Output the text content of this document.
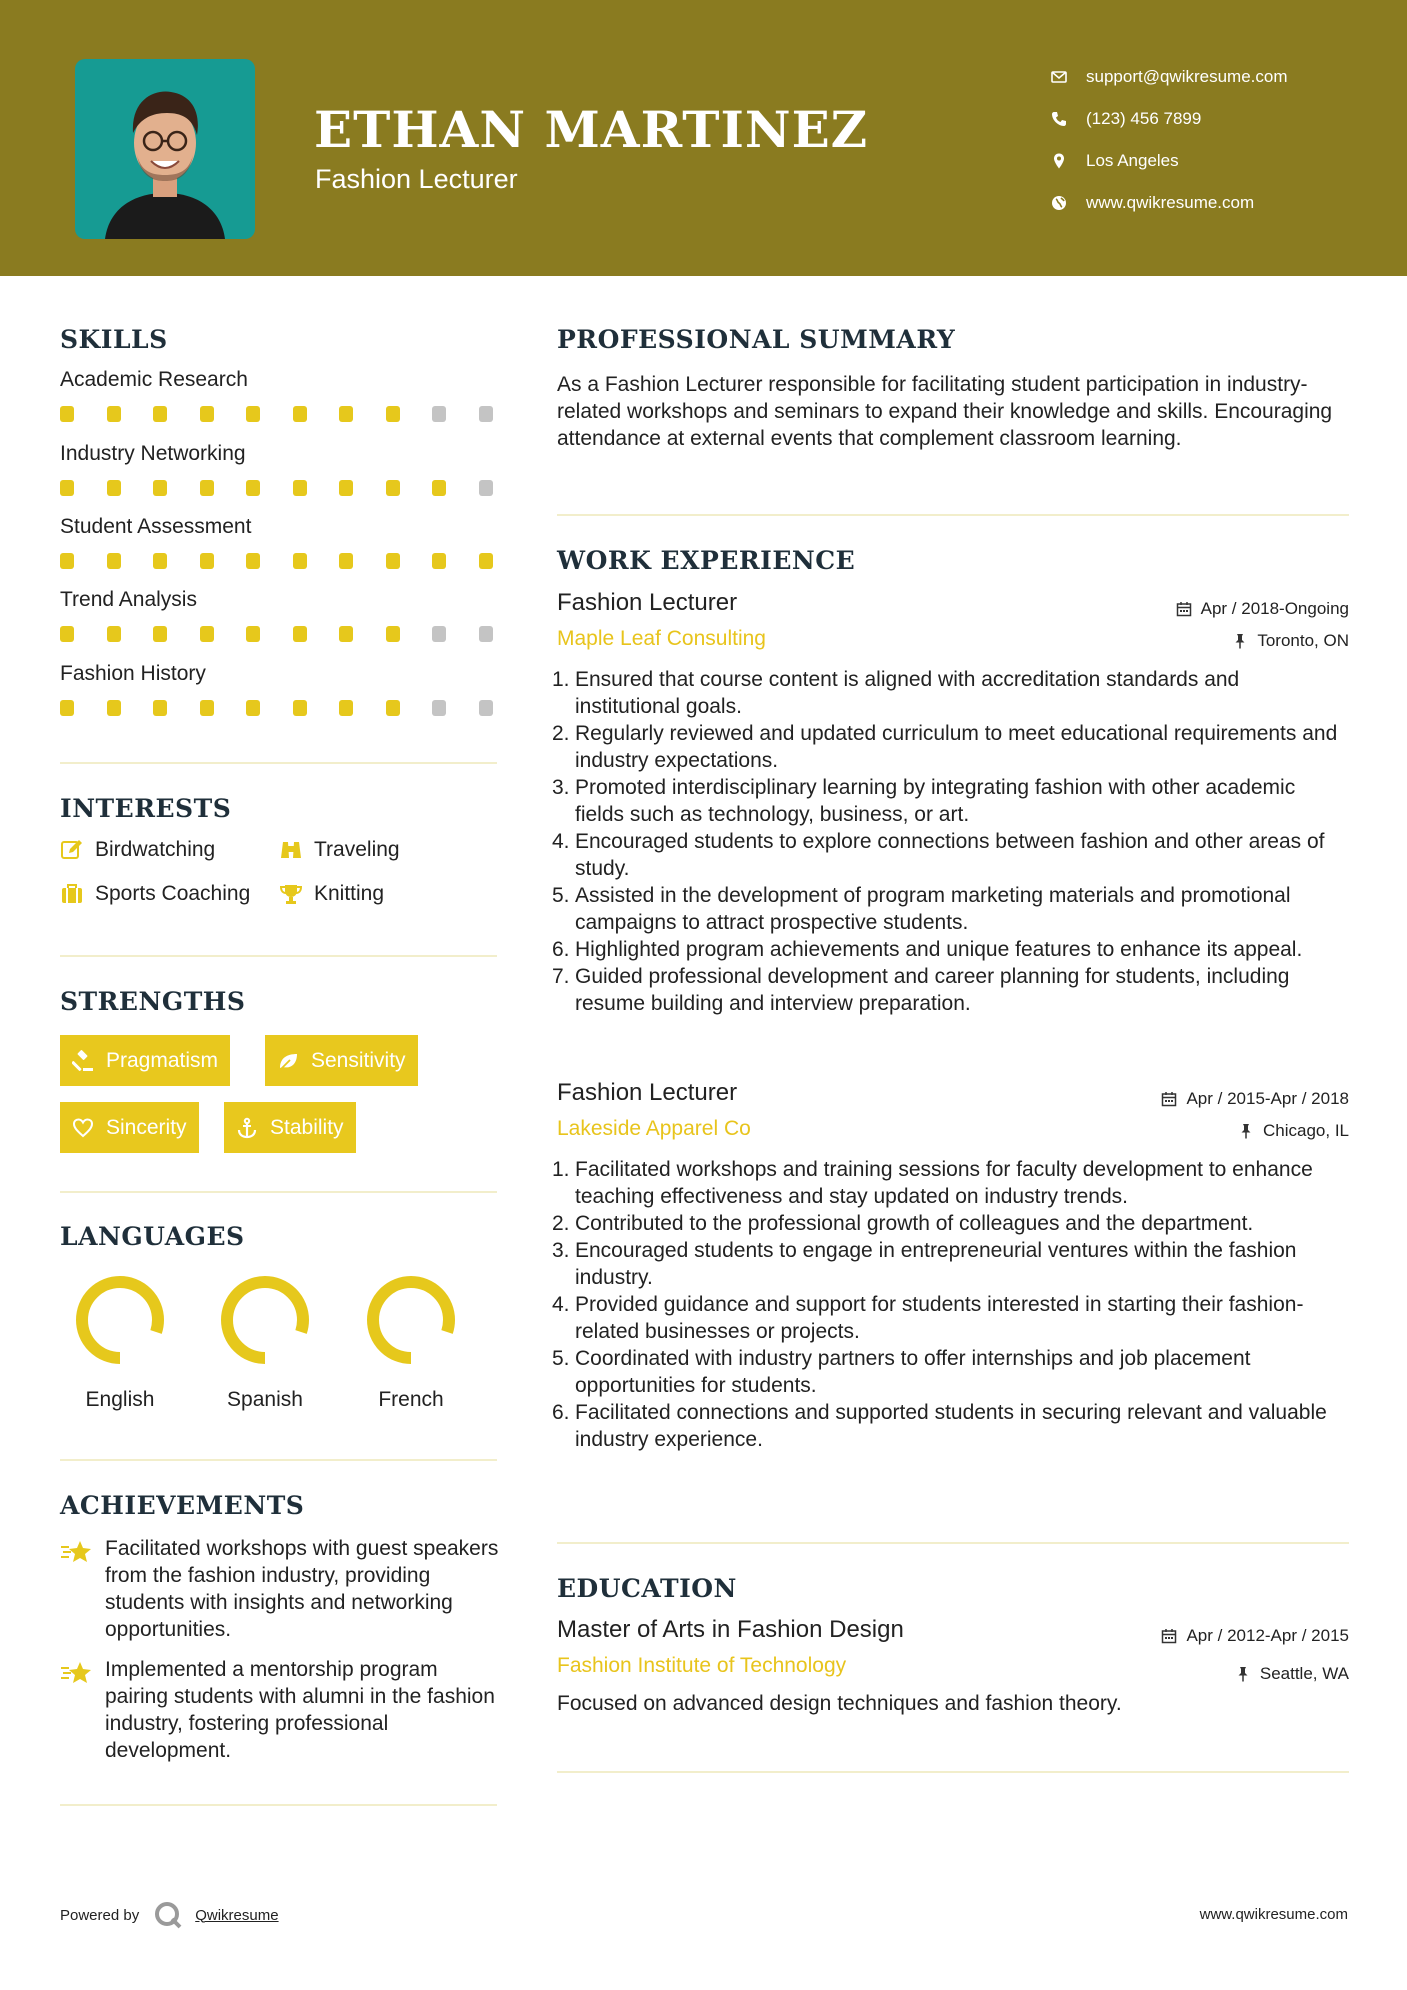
ETHAN MARTINEZ
Fashion Lecturer
support@qwikresume.com
(123) 456 7899
Los Angeles
www.qwikresume.com
SKILLS
Academic Research
Industry Networking
Student Assessment
Trend Analysis
Fashion History
INTERESTS
Birdwatching	Traveling
Sports Coaching	Knitting
STRENGTHS
Pragmatism	Sensitivity
Sincerity	Stability
LANGUAGES
English	Spanish	French
ACHIEVEMENTS
Facilitated workshops with guest speakers from the fashion industry, providing students with insights and networking opportunities.
Implemented a mentorship program pairing students with alumni in the fashion industry, fostering professional development.
PROFESSIONAL SUMMARY
As a Fashion Lecturer responsible for facilitating student participation in industry-related workshops and seminars to expand their knowledge and skills. Encouraging attendance at external events that complement classroom learning.
WORK EXPERIENCE
Fashion Lecturer	Apr / 2018-Ongoing
Maple Leaf Consulting	Toronto, ON
1. Ensured that course content is aligned with accreditation standards and institutional goals.
2. Regularly reviewed and updated curriculum to meet educational requirements and industry expectations.
3. Promoted interdisciplinary learning by integrating fashion with other academic fields such as technology, business, or art.
4. Encouraged students to explore connections between fashion and other areas of study.
5. Assisted in the development of program marketing materials and promotional campaigns to attract prospective students.
6. Highlighted program achievements and unique features to enhance its appeal.
7. Guided professional development and career planning for students, including resume building and interview preparation.
Fashion Lecturer	Apr / 2015-Apr / 2018
Lakeside Apparel Co	Chicago, IL
1. Facilitated workshops and training sessions for faculty development to enhance teaching effectiveness and stay updated on industry trends.
2. Contributed to the professional growth of colleagues and the department.
3. Encouraged students to engage in entrepreneurial ventures within the fashion industry.
4. Provided guidance and support for students interested in starting their fashion-related businesses or projects.
5. Coordinated with industry partners to offer internships and job placement opportunities for students.
6. Facilitated connections and supported students in securing relevant and valuable industry experience.
EDUCATION
Master of Arts in Fashion Design	Apr / 2012-Apr / 2015
Fashion Institute of Technology	Seattle, WA
Focused on advanced design techniques and fashion theory.
Powered by	Qwikresume	www.qwikresume.com
